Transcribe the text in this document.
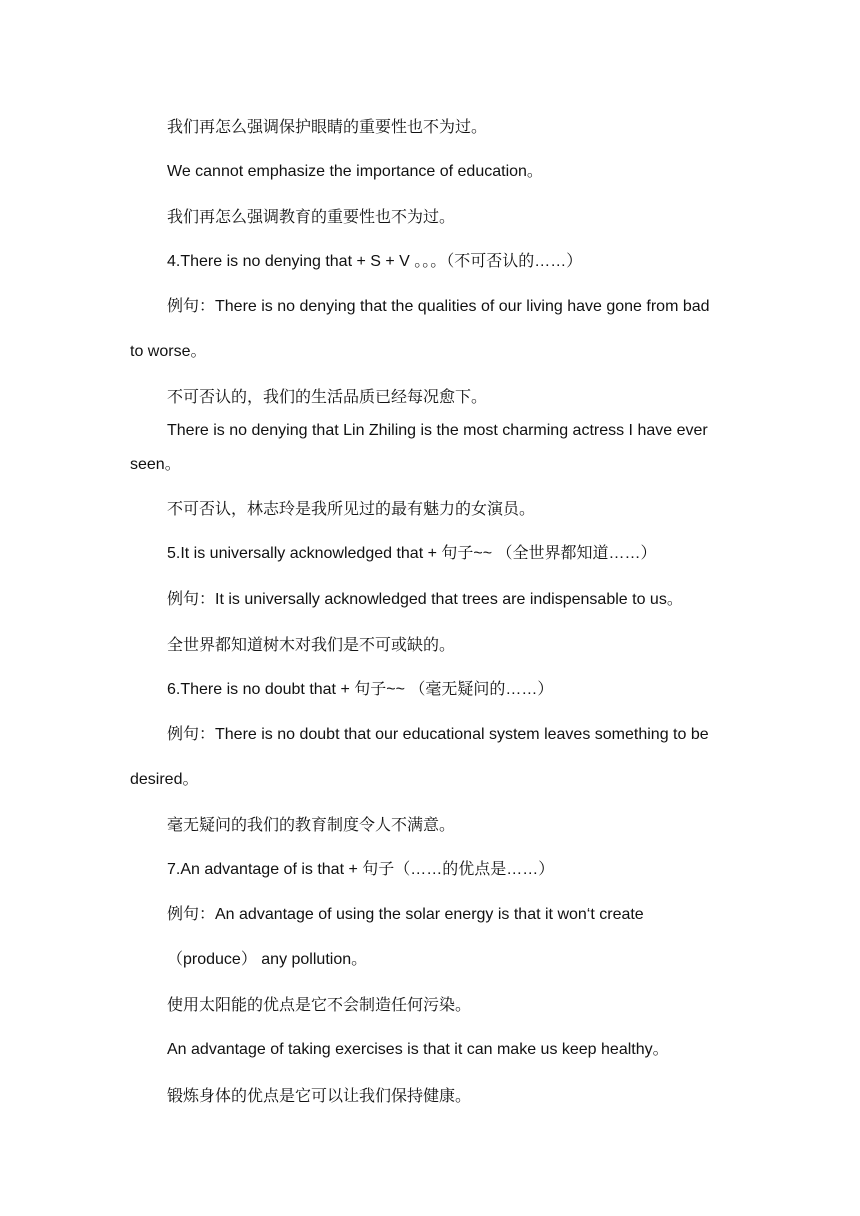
我们再怎么强调保护眼睛的重要性也不为过。
We cannot emphasize the importance of education。
我们再怎么强调教育的重要性也不为过。
4.There is no denying that + S + V 。。。（不可否认的……）
例句：There is no denying that the qualities of our living have gone from bad
to worse。
不可否认的，我们的生活品质已经每况愈下。
There is no denying that Lin Zhiling is the most charming actress I have ever
seen。
不可否认，林志玲是我所见过的最有魅力的女演员。
5.It is universally acknowledged that + 句子~~ （全世界都知道……）
例句：It is universally acknowledged that trees are indispensable to us。
全世界都知道树木对我们是不可或缺的。
6.There is no doubt that + 句子~~ （毫无疑问的……）
例句：There is no doubt that our educational system leaves something to be
desired。
毫无疑问的我们的教育制度令人不满意。
7.An advantage of is that + 句子（……的优点是……）
例句：An advantage of using the solar energy is that it won‘t create
（produce） any pollution。
使用太阳能的优点是它不会制造任何污染。
An advantage of taking exercises is that it can make us keep healthy。
锻炼身体的优点是它可以让我们保持健康。
